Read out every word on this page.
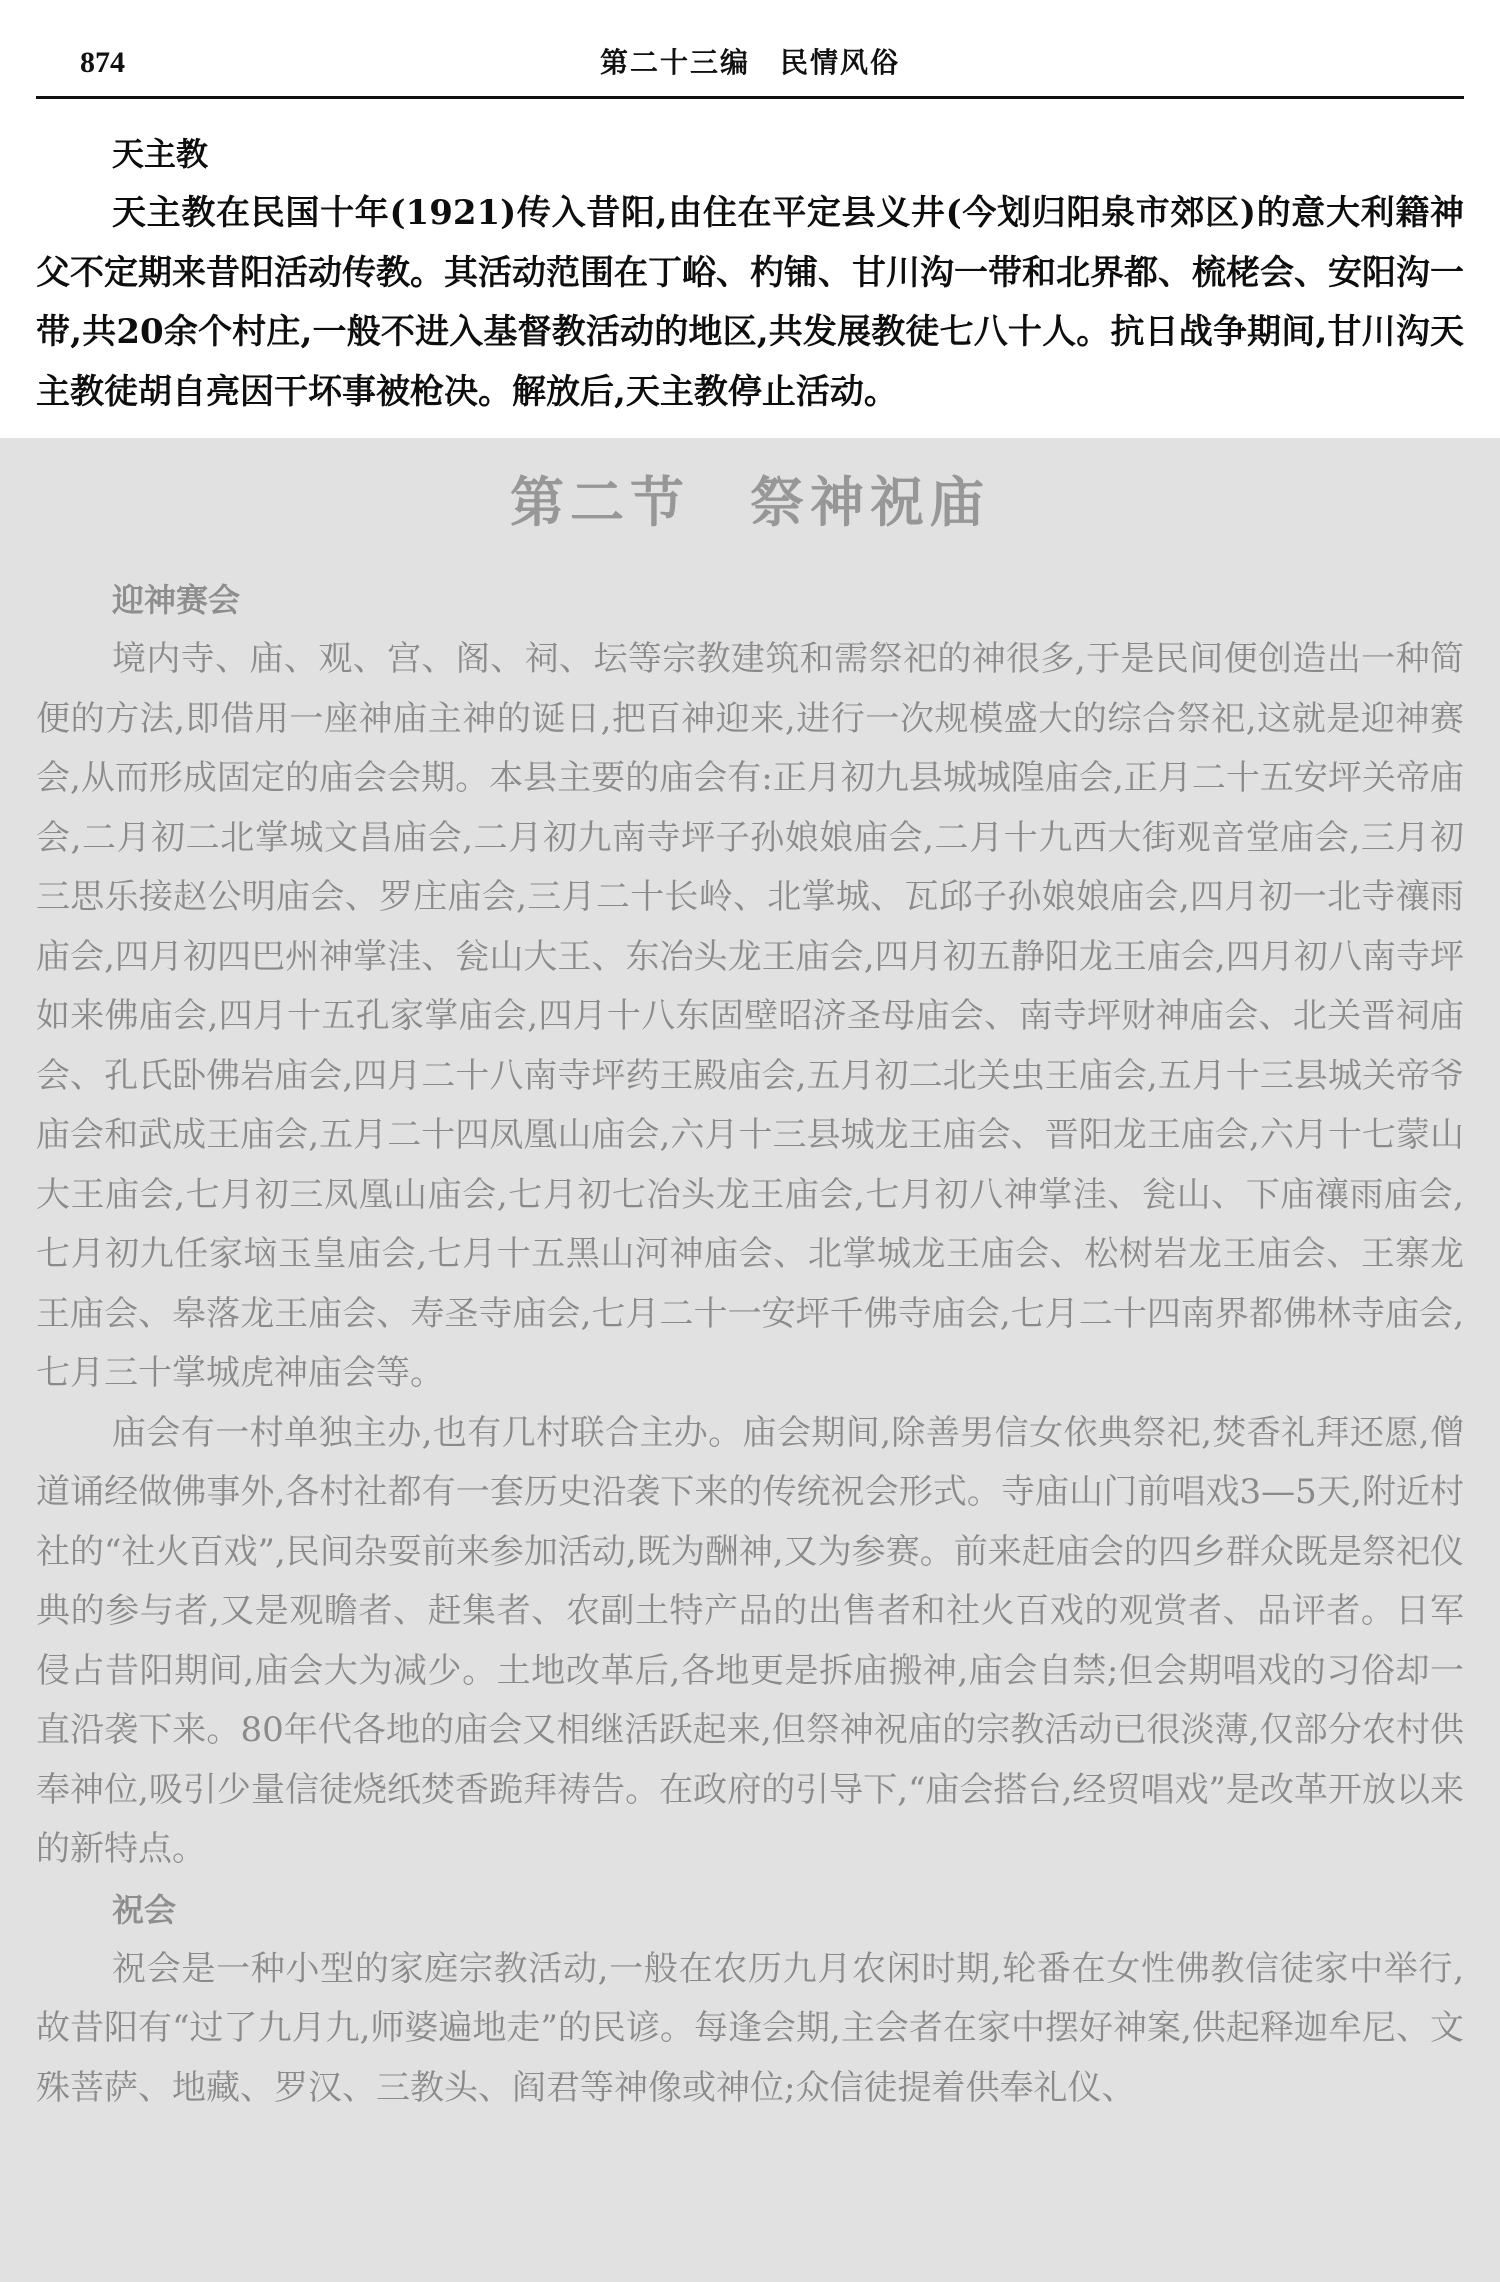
874	第二十三编　民情风俗
天主教

天主教在民国十年(1921)传入昔阳,由住在平定县义井(今划归阳泉市郊区)的意大利籍神父不定期来昔阳活动传教。其活动范围在丁峪、杓铺、甘川沟一带和北界都、梳栳会、安阳沟一带,共20余个村庄,一般不进入基督教活动的地区,共发展教徒七八十人。抗日战争期间,甘川沟天主教徒胡自亮因干坏事被枪决。解放后,天主教停止活动。

第二节　祭神祝庙
迎神赛会

境内寺、庙、观、宫、阁、祠、坛等宗教建筑和需祭祀的神很多,于是民间便创造出一种简便的方法,即借用一座神庙主神的诞日,把百神迎来,进行一次规模盛大的综合祭祀,这就是迎神赛会,从而形成固定的庙会会期。本县主要的庙会有:正月初九县城城隍庙会,正月二十五安坪关帝庙会,二月初二北掌城文昌庙会,二月初九南寺坪子孙娘娘庙会,二月十九西大街观音堂庙会,三月初三思乐接赵公明庙会、罗庄庙会,三月二十长岭、北掌城、瓦邱子孙娘娘庙会,四月初一北寺禳雨庙会,四月初四巴州神掌洼、瓮山大王、东冶头龙王庙会,四月初五静阳龙王庙会,四月初八南寺坪如来佛庙会,四月十五孔家掌庙会,四月十八东固壁昭济圣母庙会、南寺坪财神庙会、北关晋祠庙会、孔氏卧佛岩庙会,四月二十八南寺坪药王殿庙会,五月初二北关虫王庙会,五月十三县城关帝爷庙会和武成王庙会,五月二十四凤凰山庙会,六月十三县城龙王庙会、晋阳龙王庙会,六月十七蒙山大王庙会,七月初三凤凰山庙会,七月初七冶头龙王庙会,七月初八神掌洼、瓮山、下庙禳雨庙会,七月初九任家垴玉皇庙会,七月十五黑山河神庙会、北掌城龙王庙会、松树岩龙王庙会、王寨龙王庙会、皋落龙王庙会、寿圣寺庙会,七月二十一安坪千佛寺庙会,七月二十四南界都佛林寺庙会,七月三十掌城虎神庙会等。

庙会有一村单独主办,也有几村联合主办。庙会期间,除善男信女依典祭祀,焚香礼拜还愿,僧道诵经做佛事外,各村社都有一套历史沿袭下来的传统祝会形式。寺庙山门前唱戏3—5天,附近村社的“社火百戏”,民间杂耍前来参加活动,既为酬神,又为参赛。前来赶庙会的四乡群众既是祭祀仪典的参与者,又是观瞻者、赶集者、农副土特产品的出售者和社火百戏的观赏者、品评者。日军侵占昔阳期间,庙会大为减少。土地改革后,各地更是拆庙搬神,庙会自禁;但会期唱戏的习俗却一直沿袭下来。80年代各地的庙会又相继活跃起来,但祭神祝庙的宗教活动已很淡薄,仅部分农村供奉神位,吸引少量信徒烧纸焚香跪拜祷告。在政府的引导下,“庙会搭台,经贸唱戏”是改革开放以来的新特点。

祝会

祝会是一种小型的家庭宗教活动,一般在农历九月农闲时期,轮番在女性佛教信徒家中举行,故昔阳有“过了九月九,师婆遍地走”的民谚。每逢会期,主会者在家中摆好神案,供起释迦牟尼、文殊菩萨、地藏、罗汉、三教头、阎君等神像或神位;众信徒提着供奉礼仪、
